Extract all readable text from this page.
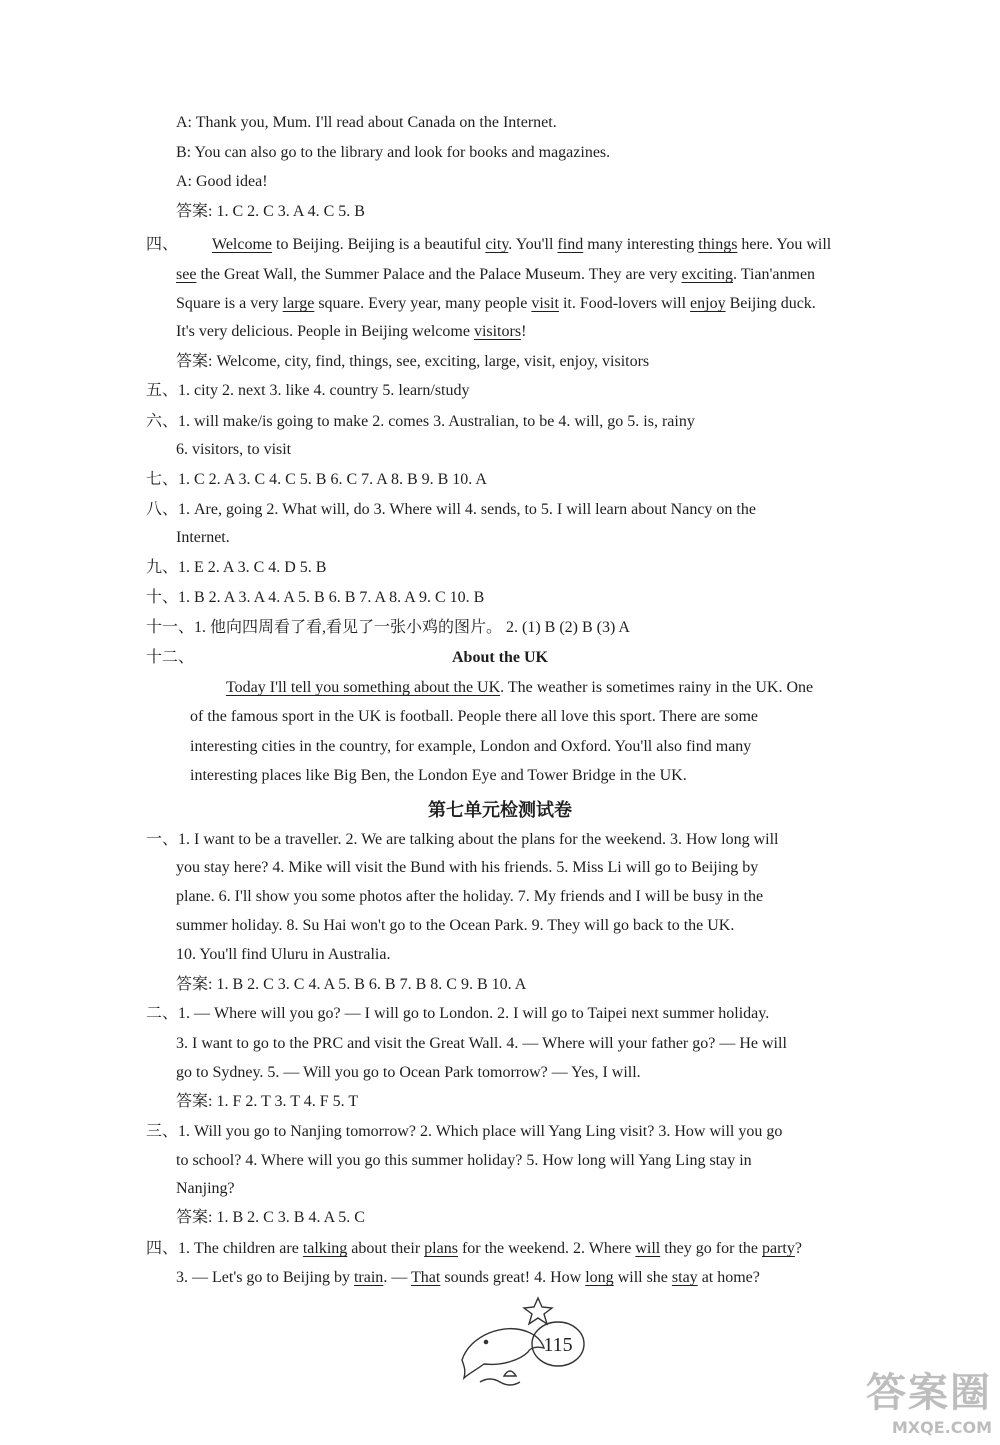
A: Thank you, Mum. I'll read about Canada on the Internet.
B: You can also go to the library and look for books and magazines.
A: Good idea!
答案: 1. C 2. C 3. A 4. C 5. B
四、 Welcome to Beijing. Beijing is a beautiful city. You'll find many interesting things here. You will
see the Great Wall, the Summer Palace and the Palace Museum. They are very exciting. Tian'anmen
Square is a very large square. Every year, many people visit it. Food-lovers will enjoy Beijing duck.
It's very delicious. People in Beijing welcome visitors!
答案: Welcome, city, find, things, see, exciting, large, visit, enjoy, visitors
五、1. city 2. next 3. like 4. country 5. learn/study
六、1. will make/is going to make 2. comes 3. Australian, to be 4. will, go 5. is, rainy
6. visitors, to visit
七、1. C 2. A 3. C 4. C 5. B 6. C 7. A 8. B 9. B 10. A
八、1. Are, going 2. What will, do 3. Where will 4. sends, to 5. I will learn about Nancy on the
Internet.
九、1. E 2. A 3. C 4. D 5. B
十、1. B 2. A 3. A 4. A 5. B 6. B 7. A 8. A 9. C 10. B
十一、1. 他向四周看了看,看见了一张小鸡的图片。 2. (1) B (2) B (3) A
十二、	About the UK
Today I'll tell you something about the UK. The weather is sometimes rainy in the UK. One
of the famous sport in the UK is football. People there all love this sport. There are some
interesting cities in the country, for example, London and Oxford. You'll also find many
interesting places like Big Ben, the London Eye and Tower Bridge in the UK.
第七单元检测试卷
一、1. I want to be a traveller. 2. We are talking about the plans for the weekend. 3. How long will
you stay here? 4. Mike will visit the Bund with his friends. 5. Miss Li will go to Beijing by
plane. 6. I'll show you some photos after the holiday. 7. My friends and I will be busy in the
summer holiday. 8. Su Hai won't go to the Ocean Park. 9. They will go back to the UK.
10. You'll find Uluru in Australia.
答案: 1. B 2. C 3. C 4. A 5. B 6. B 7. B 8. C 9. B 10. A
二、1. — Where will you go? — I will go to London. 2. I will go to Taipei next summer holiday.
3. I want to go to the PRC and visit the Great Wall. 4. — Where will your father go? — He will
go to Sydney. 5. — Will you go to Ocean Park tomorrow? — Yes, I will.
答案: 1. F 2. T 3. T 4. F 5. T
三、1. Will you go to Nanjing tomorrow? 2. Which place will Yang Ling visit? 3. How will you go
to school? 4. Where will you go this summer holiday? 5. How long will Yang Ling stay in
Nanjing?
答案: 1. B 2. C 3. B 4. A 5. C
四、1. The children are talking about their plans for the weekend. 2. Where will they go for the party?
3. — Let's go to Beijing by train. — That sounds great! 4. How long will she stay at home?
115
答案圈
MXQE.COM
